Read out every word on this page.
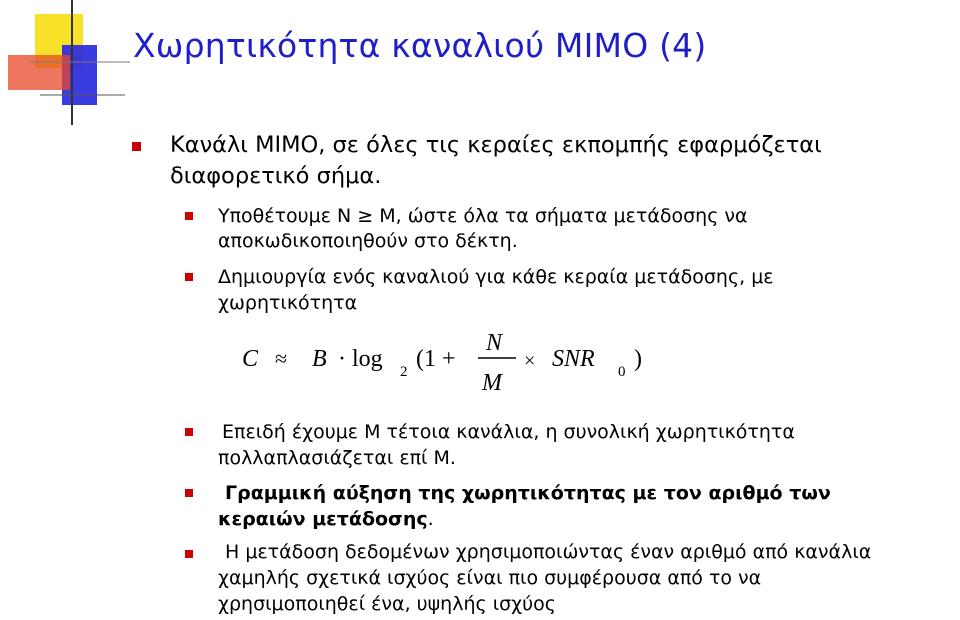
Χωρητικότητα καναλιού ΜΙΜΟ (4)
Κανάλι ΜΙΜΟ, σε όλες τις κεραίες εκπομπής εφαρμόζεται
διαφορετικό σήμα.
Υποθέτουμε N ≥ M, ώστε όλα τα σήματα μετάδοσης να
αποκωδικοποιηθούν στο δέκτη.
Δημιουργία ενός καναλιού για κάθε κεραία μετάδοσης, με
χωρητικότητα
C ≈ B · log 2 (1 +
N
M
× SNR 0 )
Επειδή έχουμε M τέτοια κανάλια, η συνολική χωρητικότητα
πολλαπλασιάζεται επί M.
Γραμμική αύξηση της χωρητικότητας με τον αριθμό των
κεραιών μετάδοσης.
Η μετάδοση δεδομένων χρησιμοποιώντας έναν αριθμό από κανάλια
χαμηλής σχετικά ισχύος είναι πιο συμφέρουσα από το να
χρησιμοποιηθεί ένα, υψηλής ισχύος
